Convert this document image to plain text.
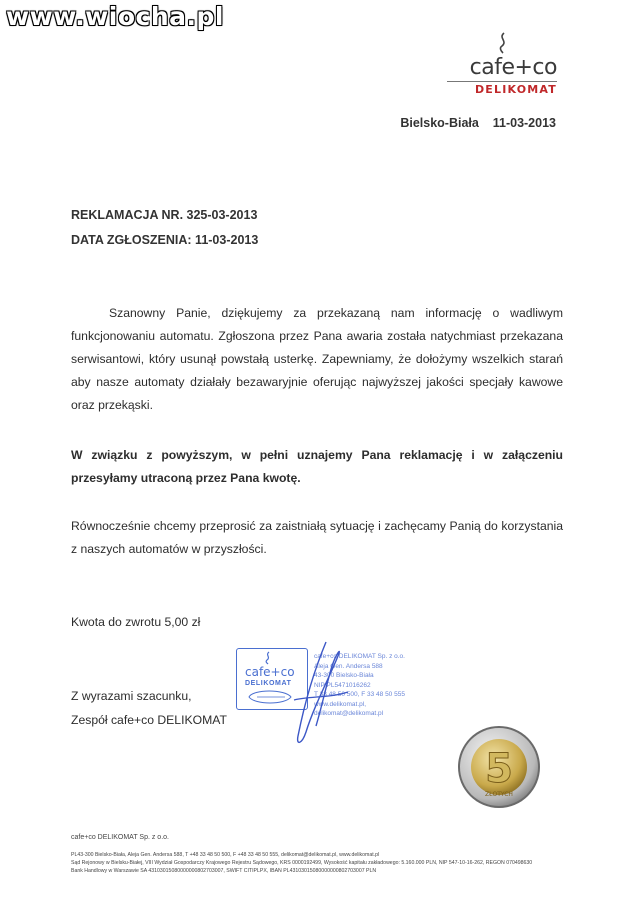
www.wiocha.pl
cafe+co
DELIKOMAT
Bielsko-Biała 11-03-2013
REKLAMACJA NR. 325-03-2013
DATA ZGŁOSZENIA: 11-03-2013
Szanowny Panie, dziękujemy za przekazaną nam informację o wadliwym funkcjonowaniu automatu. Zgłoszona przez Pana awaria została natychmiast przekazana serwisantowi, który usunął powstałą usterkę. Zapewniamy, że dołożymy wszelkich starań aby nasze automaty działały bezawaryjnie oferując najwyższej jakości specjały kawowe oraz przekąski.
W związku z powyższym, w pełni uznajemy Pana reklamację i w załączeniu przesyłamy utraconą przez Pana kwotę.
Równocześnie chcemy przeprosić za zaistniałą sytuację i zachęcamy Panią do korzystania z naszych automatów w przyszłości.
Kwota do zwrotu 5,00 zł
Z wyrazami szacunku,
Zespół cafe+co DELIKOMAT
cafe+co
DELIKOMAT
cafe+co DELIKOMAT Sp. z o.o.
Aleja Gen. Andersa 588
43-300 Bielsko-Biała
NIP PL5471016262
T 33 48 50 500, F 33 48 50 555
www.delikomat.pl, delikomat@delikomat.pl
5
ZŁOTYCH
cafe+co DELIKOMAT Sp. z o.o.
PL43-300 Bielsko-Biała, Aleja Gen. Andersa 588, T +48 33 48 50 500, F +48 33 48 50 555, delikomat@delikomat.pl, www.delikomat.pl
Sąd Rejonowy w Bielsku-Białej, VIII Wydział Gospodarczy Krajowego Rejestru Sądowego, KRS 0000192499, Wysokość kapitału zakładowego: 5.160.000 PLN, NIP 547-10-16-262, REGON 070498630
Bank Handlowy w Warszawie SA 43103015080000000802703007, SWIFT CITIPLPX, IBAN PL43103015080000000802703007 PLN
